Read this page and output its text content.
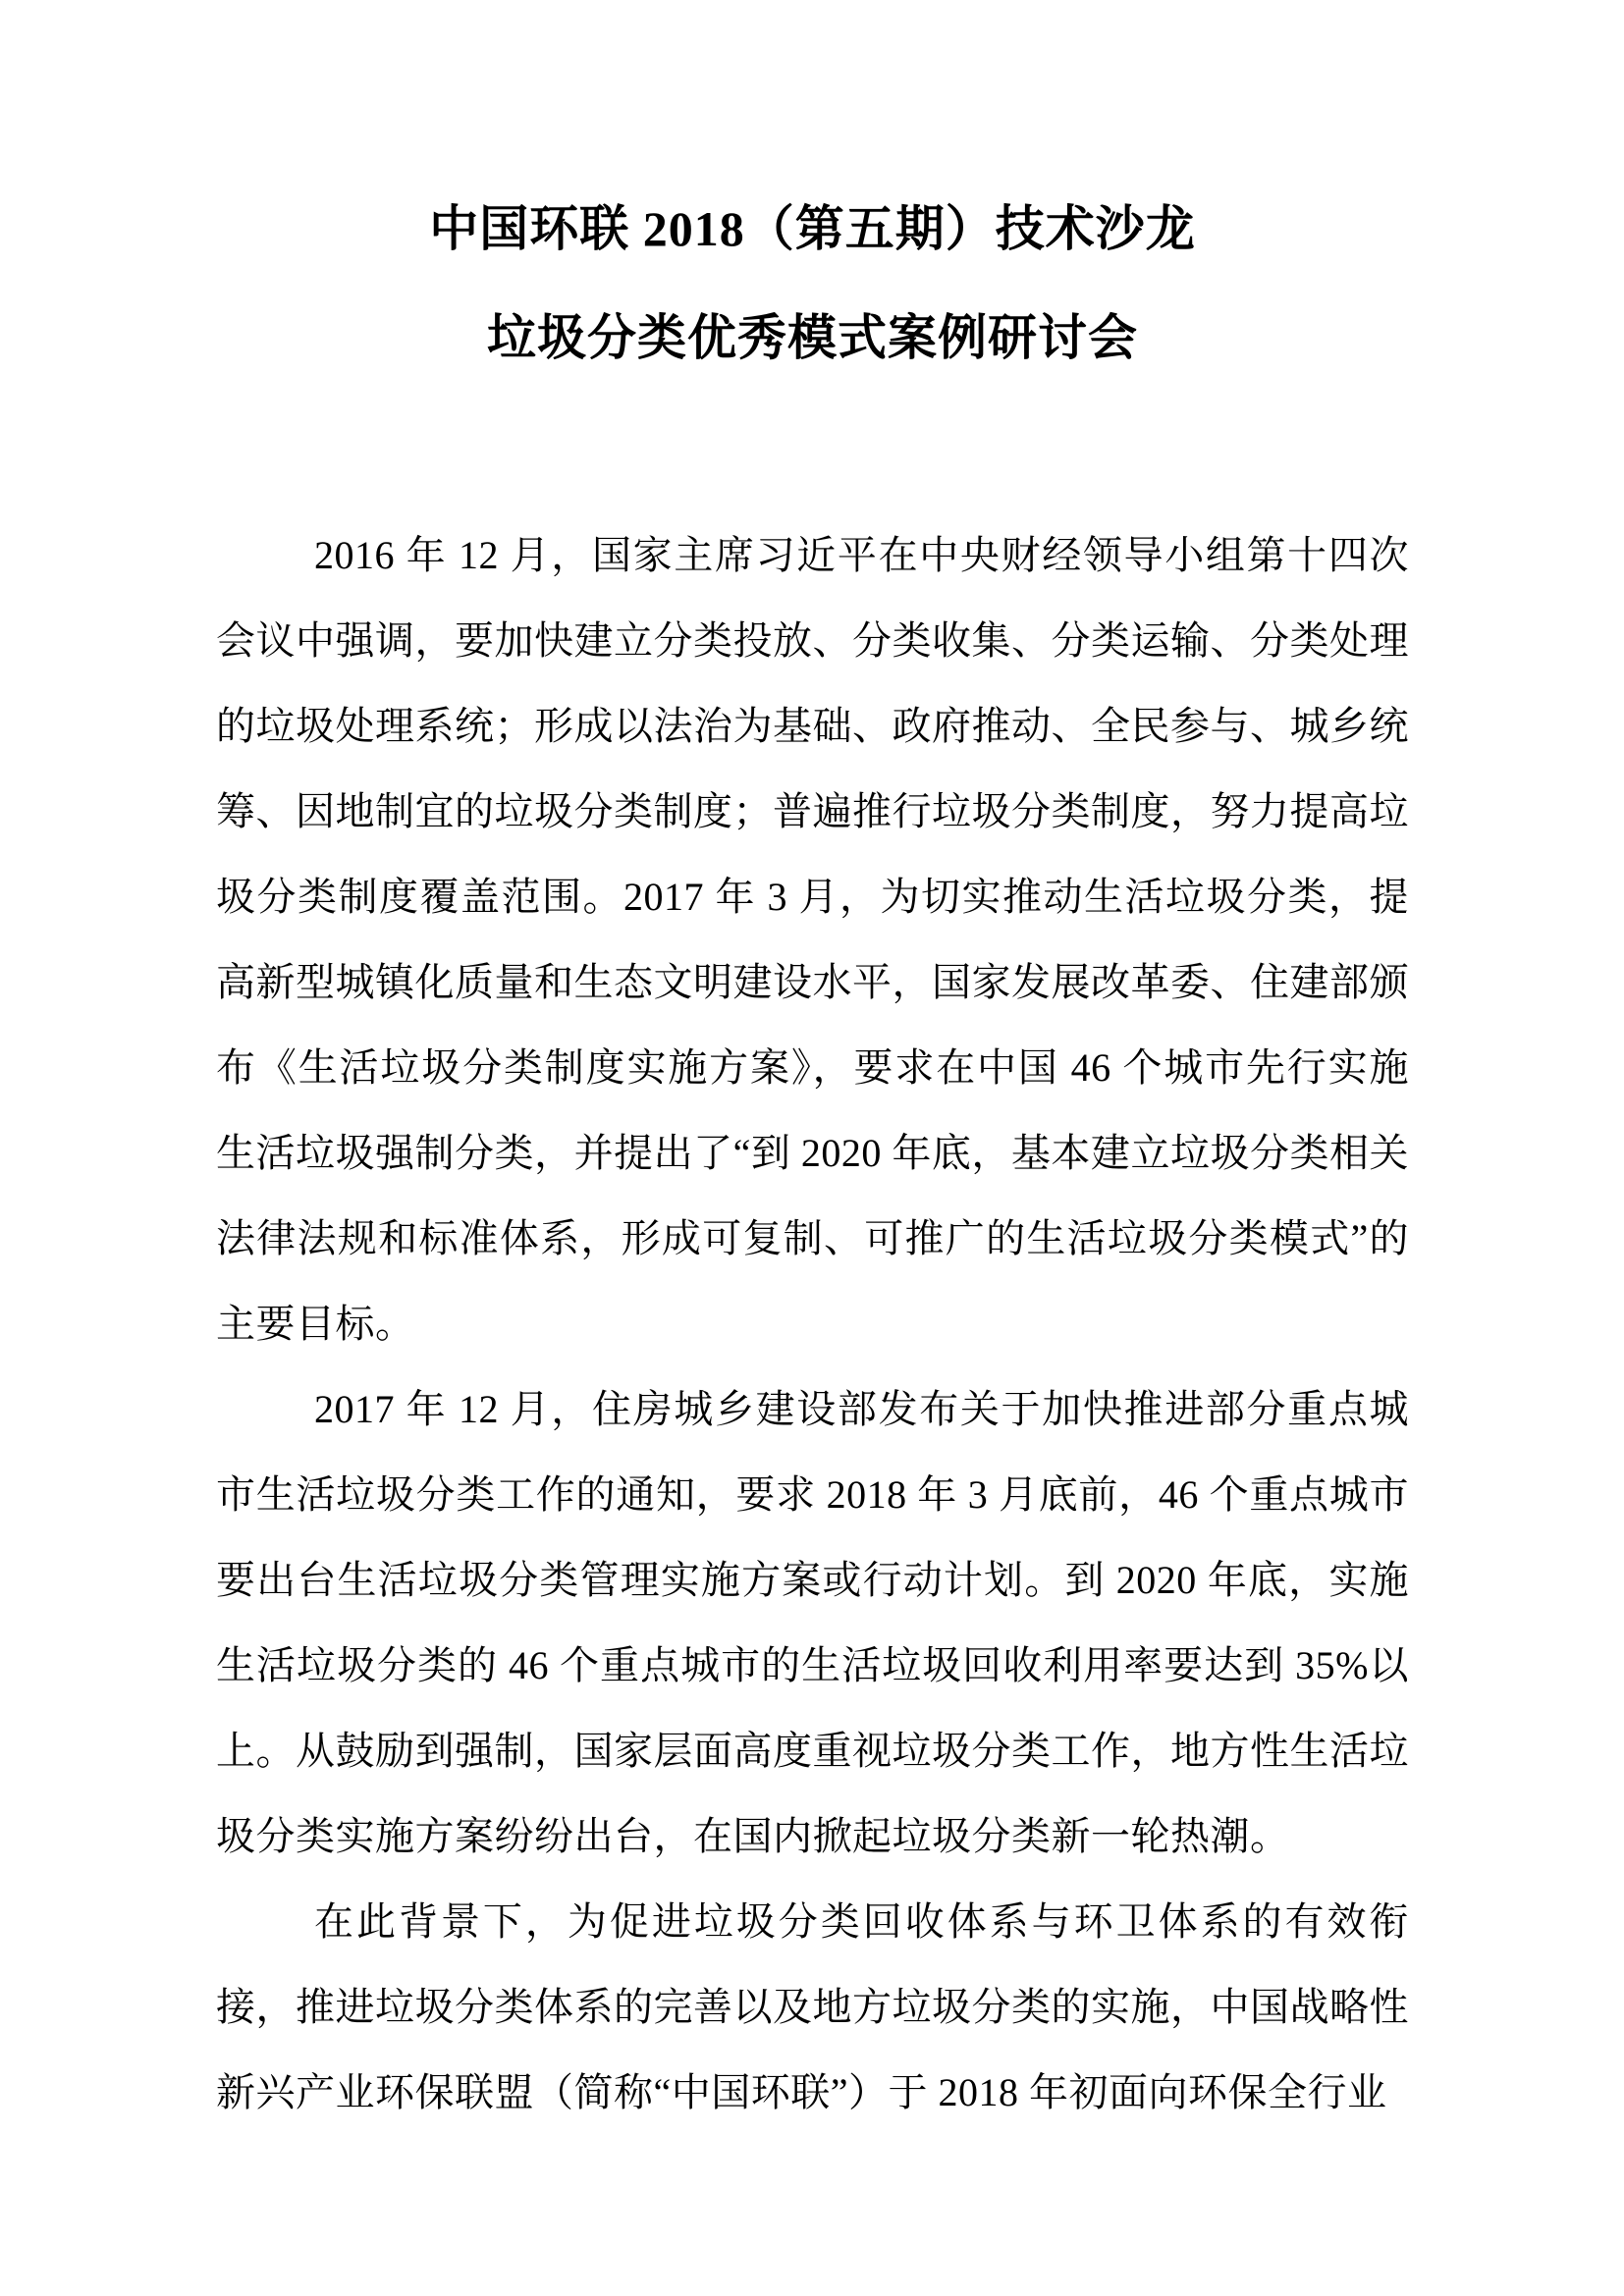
中国环联 2018（第五期）技术沙龙
垃圾分类优秀模式案例研讨会

2016 年 12 月，国家主席习近平在中央财经领导小组第十四次会议中强调，要加快建立分类投放、分类收集、分类运输、分类处理的垃圾处理系统；形成以法治为基础、政府推动、全民参与、城乡统筹、因地制宜的垃圾分类制度；普遍推行垃圾分类制度，努力提高垃圾分类制度覆盖范围。2017 年 3 月，为切实推动生活垃圾分类，提高新型城镇化质量和生态文明建设水平，国家发展改革委、住建部颁布《生活垃圾分类制度实施方案》，要求在中国 46 个城市先行实施生活垃圾强制分类，并提出了“到 2020 年底，基本建立垃圾分类相关法律法规和标准体系，形成可复制、可推广的生活垃圾分类模式”的主要目标。

2017 年 12 月，住房城乡建设部发布关于加快推进部分重点城市生活垃圾分类工作的通知，要求 2018 年 3 月底前，46 个重点城市要出台生活垃圾分类管理实施方案或行动计划。到 2020 年底，实施生活垃圾分类的 46 个重点城市的生活垃圾回收利用率要达到 35%以上。从鼓励到强制，国家层面高度重视垃圾分类工作，地方性生活垃圾分类实施方案纷纷出台，在国内掀起垃圾分类新一轮热潮。

在此背景下，为促进垃圾分类回收体系与环卫体系的有效衔接，推进垃圾分类体系的完善以及地方垃圾分类的实施，中国战略性新兴产业环保联盟（简称“中国环联”）于 2018 年初面向环保全行业
